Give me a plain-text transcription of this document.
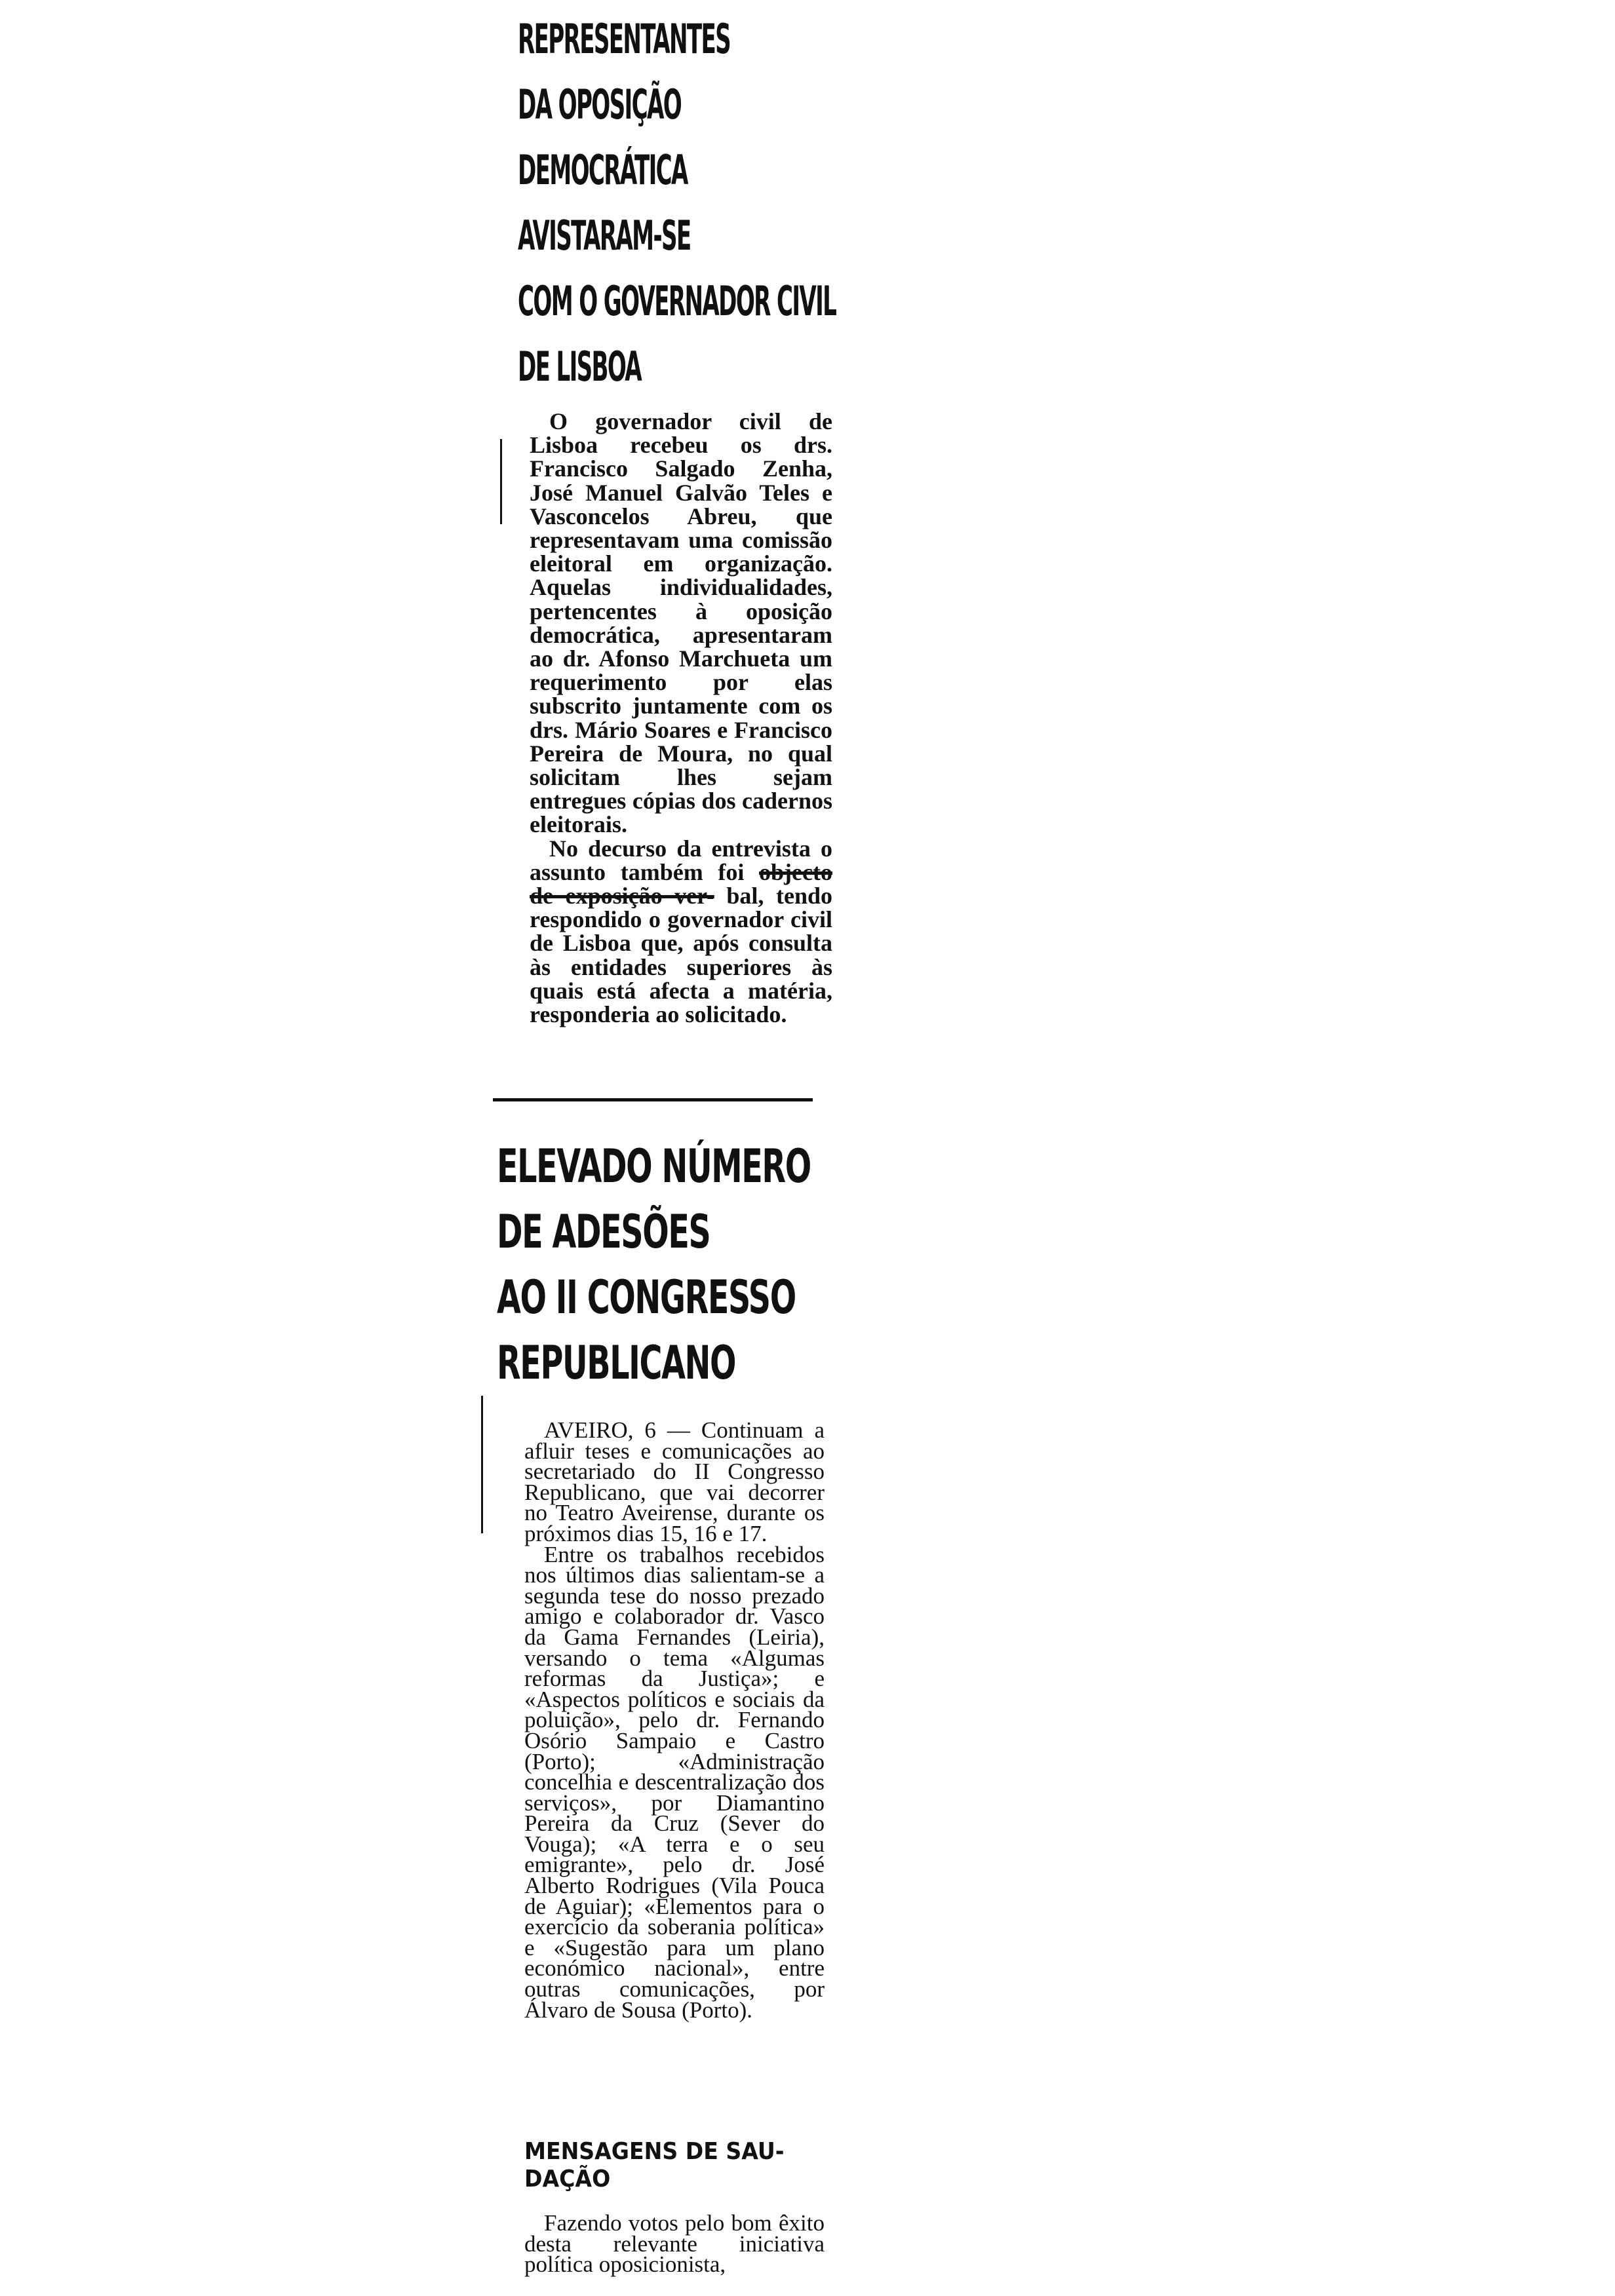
REPRESENTANTES
DA OPOSIÇÃO
DEMOCRÁTICA
AVISTARAM-SE
COM O GOVERNADOR CIVIL
DE LISBOA

O governador civil de Lisboa recebeu os drs. Francisco Salgado Zenha, José Manuel Galvão Teles e Vasconcelos Abreu, que representavam uma comissão eleitoral em organização. Aquelas individualidades, pertencentes à oposição democrática, apresentaram ao dr. Afonso Marchueta um requerimento por elas subscrito juntamente com os drs. Mário Soares e Francisco Pereira de Moura, no qual solicitam lhes sejam entregues cópias dos cadernos eleitorais.

No decurso da entrevista o assunto também foi objecto de exposição ver- bal, tendo respondido o governador civil de Lisboa que, após consulta às entidades superiores às quais está afecta a matéria, responderia ao solicitado.

ELEVADO NÚMERO
DE ADESÕES
AO II CONGRESSO
REPUBLICANO

AVEIRO, 6 — Continuam a afluir teses e comunicações ao secretariado do II Congresso Republicano, que vai decorrer no Teatro Aveirense, durante os próximos dias 15, 16 e 17.

Entre os trabalhos recebidos nos últimos dias salientam-se a segunda tese do nosso prezado amigo e colaborador dr. Vasco da Gama Fernandes (Leiria), versando o tema «Algumas reformas da Justiça»; e «Aspectos políticos e sociais da poluição», pelo dr. Fernando Osório Sampaio e Castro (Porto); «Administração concelhia e descentralização dos serviços», por Diamantino Pereira da Cruz (Sever do Vouga); «A terra e o seu emigrante», pelo dr. José Alberto Rodrigues (Vila Pouca de Aguiar); «Elementos para o exercício da soberania política» e «Sugestão para um plano económico nacional», entre outras comunicações, por Álvaro de Sousa (Porto).

MENSAGENS DE SAU-
DAÇÃO

Fazendo votos pelo bom êxito desta relevante iniciativa política oposicionista,
